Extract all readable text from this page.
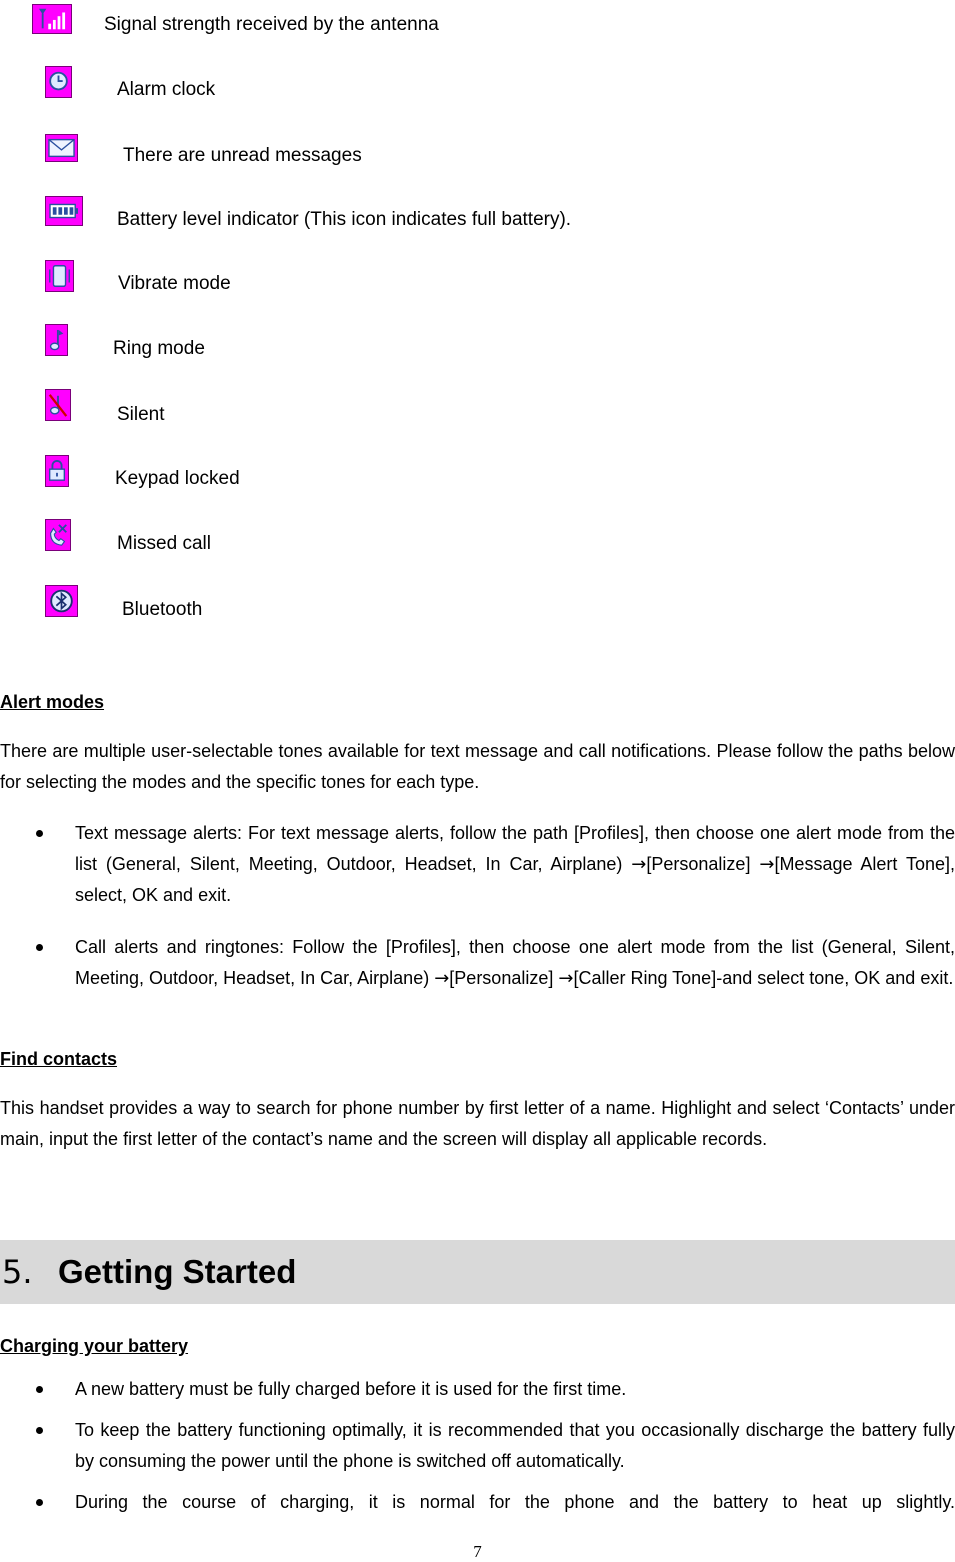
Signal strength received by the antenna
Alarm clock
There are unread messages
Battery level indicator (This icon indicates full battery).
Vibrate mode
Ring mode
Silent
Keypad locked
Missed call
Bluetooth
Alert modes

There are multiple user-selectable tones available for text message and call notifications. Please follow the paths below for selecting the modes and the specific tones for each type.

Text message alerts: For text message alerts, follow the path [Profiles], then choose one alert mode from the list (General, Silent, Meeting, Outdoor, Headset, In Car, Airplane) →[Personalize] →[Message Alert Tone], select, OK and exit.

Call alerts and ringtones: Follow the [Profiles], then choose one alert mode from the list (General, Silent, Meeting, Outdoor, Headset, In Car, Airplane) →[Personalize] →[Caller Ring Tone]-and select tone, OK and exit.

Find contacts

This handset provides a way to search for phone number by first letter of a name. Highlight and select ‘Contacts’ under main, input the first letter of the contact’s name and the screen will display all applicable records.

5. Getting Started
Charging your battery

A new battery must be fully charged before it is used for the first time.

To keep the battery functioning optimally, it is recommended that you occasionally discharge the battery fully by consuming the power until the phone is switched off automatically.

During the course of charging, it is normal for the phone and the battery to heat up slightly.

7
